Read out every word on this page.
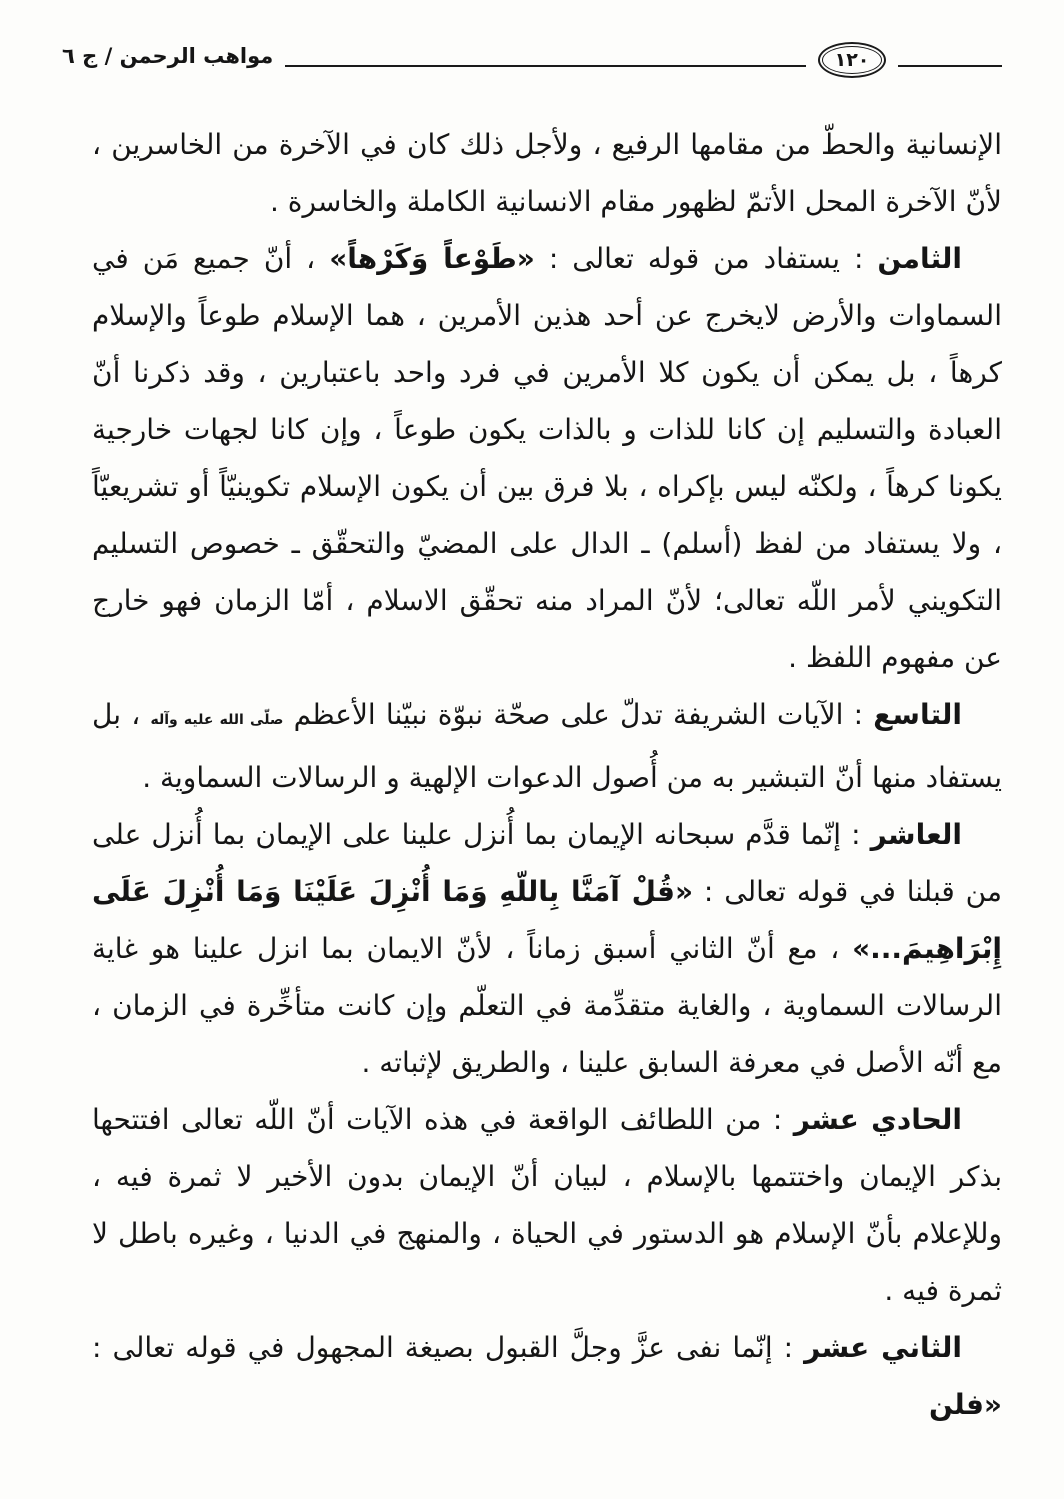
مواهب الرحمن / ج ٦	١٢٠

الإنسانية والحطّ من مقامها الرفيع ، ولأجل ذلك كان في الآخرة من الخاسرين ، لأنّ الآخرة المحل الأتمّ لظهور مقام الانسانية الكاملة والخاسرة .

الثامن : يستفاد من قوله تعالى : «طَوْعاً وَكَرْهاً» ، أنّ جميع مَن في السماوات والأرض لايخرج عن أحد هذين الأمرين ، هما الإسلام طوعاً والإسلام كرهاً ، بل يمكن أن يكون كلا الأمرين في فرد واحد باعتبارين ، وقد ذكرنا أنّ العبادة والتسليم إن كانا للذات و بالذات يكون طوعاً ، وإن كانا لجهات خارجية يكونا كرهاً ، ولكنّه ليس بإكراه ، بلا فرق بين أن يكون الإسلام تكوينيّاً أو تشريعيّاً ، ولا يستفاد من لفظ (أسلم) ـ الدال على المضيّ والتحقّق ـ خصوص التسليم التكويني لأمر اللّه تعالى؛ لأنّ المراد منه تحقّق الاسلام ، أمّا الزمان فهو خارج عن مفهوم اللفظ .

التاسع : الآيات الشريفة تدلّ على صحّة نبوّة نبيّنا الأعظم صلّى الله عليه وآله ، بل يستفاد منها أنّ التبشير به من أُصول الدعوات الإلهية و الرسالات السماوية .

العاشر : إنّما قدَّم سبحانه الإيمان بما أُنزل علينا على الإيمان بما أُنزل على من قبلنا في قوله تعالى : «قُلْ آمَنَّا بِاللّهِ وَمَا أُنْزِلَ عَلَيْنَا وَمَا أُنْزِلَ عَلَى إِبْرَاهِيمَ...» ، مع أنّ الثاني أسبق زماناً ، لأنّ الايمان بما انزل علينا هو غاية الرسالات السماوية ، والغاية متقدِّمة في التعلّم وإن كانت متأخِّرة في الزمان ، مع أنّه الأصل في معرفة السابق علينا ، والطريق لإثباته .

الحادي عشر : من اللطائف الواقعة في هذه الآيات أنّ اللّه تعالى افتتحها بذكر الإيمان واختتمها بالإسلام ، لبيان أنّ الإيمان بدون الأخير لا ثمرة فيه ، وللإعلام بأنّ الإسلام هو الدستور في الحياة ، والمنهج في الدنيا ، وغيره باطل لا ثمرة فيه .

الثاني عشر : إنّما نفى عزَّ وجلَّ القبول بصيغة المجهول في قوله تعالى : «فلن
